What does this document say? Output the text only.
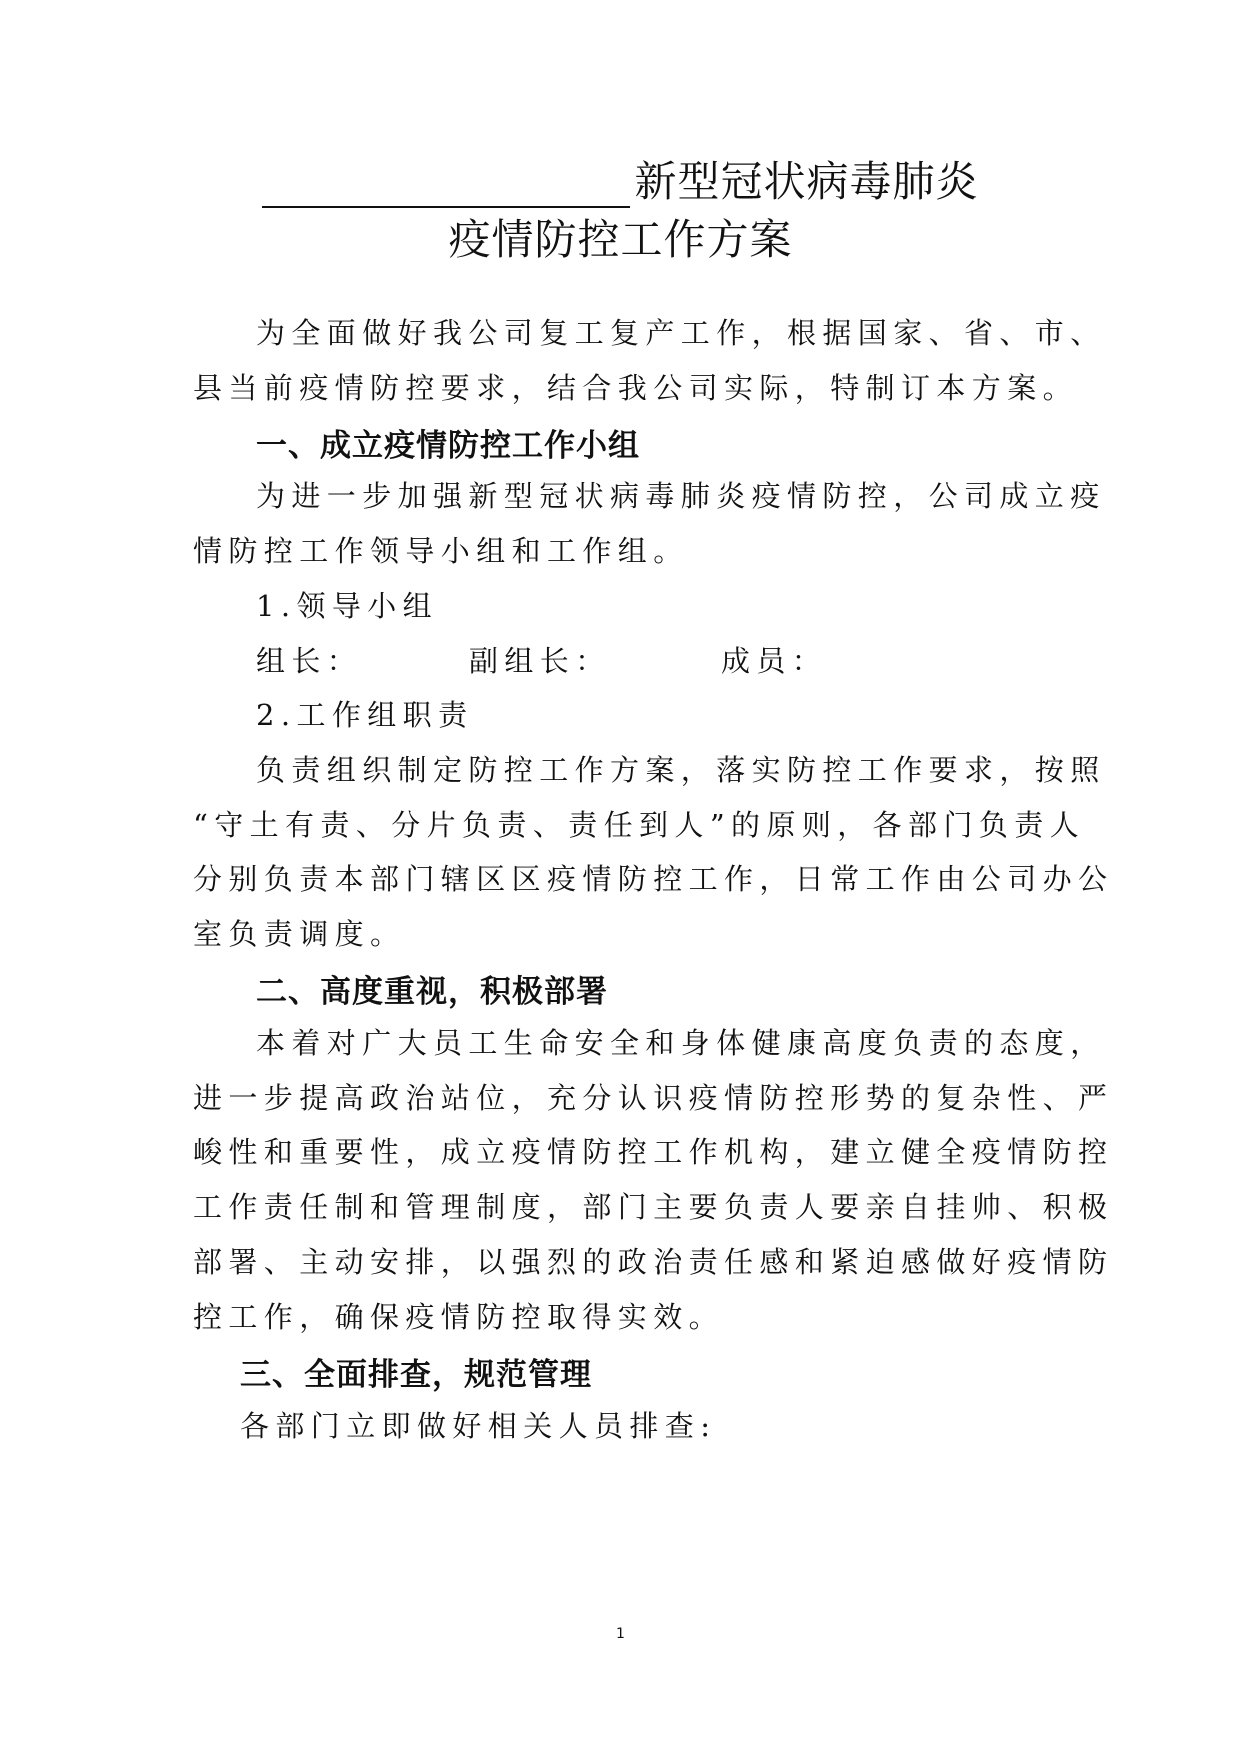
新型冠状病毒肺炎
疫情防控工作方案
为全面做好我公司复工复产工作，根据国家、省、市、
县当前疫情防控要求，结合我公司实际，特制订本方案。
一、成立疫情防控工作小组
为进一步加强新型冠状病毒肺炎疫情防控，公司成立疫
情防控工作领导小组和工作组。
1.领导小组
组长：	副组长：	成员：
2.工作组职责
负责组织制定防控工作方案，落实防控工作要求，按照
“守土有责、分片负责、责任到人”的原则，各部门负责人
分别负责本部门辖区区疫情防控工作，日常工作由公司办公
室负责调度。
二、高度重视，积极部署
本着对广大员工生命安全和身体健康高度负责的态度，
进一步提高政治站位，充分认识疫情防控形势的复杂性、严
峻性和重要性，成立疫情防控工作机构，建立健全疫情防控
工作责任制和管理制度，部门主要负责人要亲自挂帅、积极
部署、主动安排，以强烈的政治责任感和紧迫感做好疫情防
控工作，确保疫情防控取得实效。
三、全面排查，规范管理
各部门立即做好相关人员排查:
1
